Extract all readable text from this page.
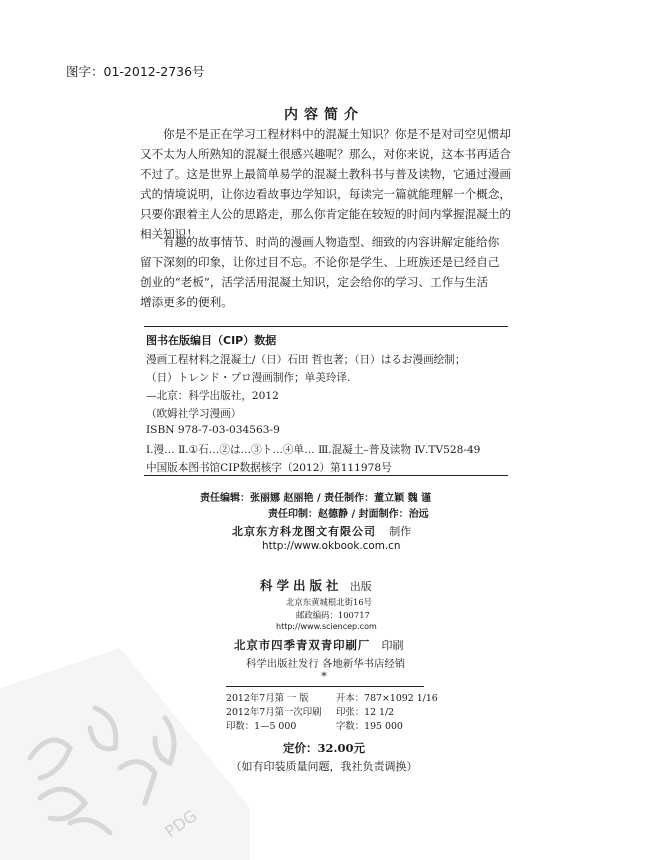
图字：01-2012-2736号
内容简介
你是不是正在学习工程材料中的混凝土知识？你是不是对司空见惯却
又不太为人所熟知的混凝土很感兴趣呢？那么，对你来说，这本书再适合
不过了。这是世界上最简单易学的混凝土教科书与普及读物，它通过漫画
式的情境说明，让你边看故事边学知识，每读完一篇就能理解一个概念，
只要你跟着主人公的思路走，那么你肯定能在较短的时间内掌握混凝土的
相关知识！
有趣的故事情节、时尚的漫画人物造型、细致的内容讲解定能给你
留下深刻的印象，让你过目不忘。不论你是学生、上班族还是已经自己
创业的“老板”，活学活用混凝土知识，定会给你的学习、工作与生活
增添更多的便利。
图书在版编目（CIP）数据
漫画工程材料之混凝土/（日）石田 哲也著；（日）はるお漫画绘制；
（日）トレンド・プロ漫画制作；单美玲译.
—北京：科学出版社，2012
（欧姆社学习漫画）
ISBN 978-7-03-034563-9
Ⅰ.漫… Ⅱ.①石…②は…③ト…④单… Ⅲ.混凝土–普及读物 Ⅳ.TV528-49
中国版本图书馆CIP数据核字（2012）第111978号
责任编辑：张丽娜 赵丽艳 / 责任制作：董立颖 魏 谨
责任印制：赵德静 / 封面制作：治远
北京东方科龙图文有限公司 制作
http://www.okbook.com.cn
科学出版社 出版
北京东黄城根北街16号
邮政编码：100717
http://www.sciencep.com
北京市四季青双青印刷厂 印刷
科学出版社发行 各地新华书店经销
*
2012年7月第 一 版	开本：787×1092 1/16
2012年7月第一次印刷 印张：12 1/2
印数：1—5 000	字数：195 000
定价：32.00元
（如有印装质量问题，我社负责调换）
PDG
